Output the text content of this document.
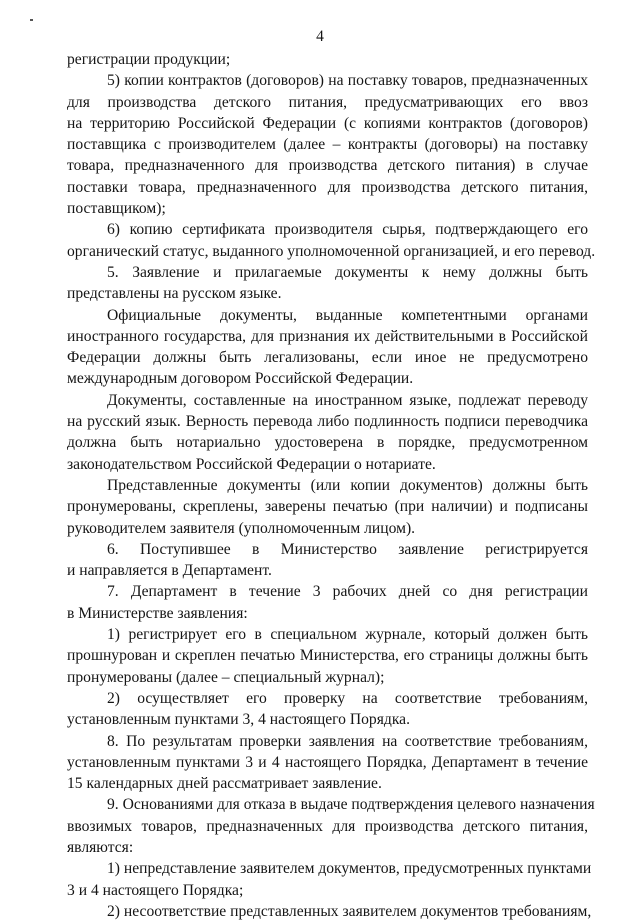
4
регистрации продукции;
5) копии контрактов (договоров) на поставку товаров, предназначенных
для производства детского питания, предусматривающих его ввоз
на территорию Российской Федерации (с копиями контрактов (договоров)
поставщика с производителем (далее – контракты (договоры) на поставку
товара, предназначенного для производства детского питания) в случае
поставки товара, предназначенного для производства детского питания,
поставщиком);
6) копию сертификата производителя сырья, подтверждающего его
органический статус, выданного уполномоченной организацией, и его перевод.
5. Заявление и прилагаемые документы к нему должны быть
представлены на русском языке.
Официальные документы, выданные компетентными органами
иностранного государства, для признания их действительными в Российской
Федерации должны быть легализованы, если иное не предусмотрено
международным договором Российской Федерации.
Документы, составленные на иностранном языке, подлежат переводу
на русский язык. Верность перевода либо подлинность подписи переводчика
должна быть нотариально удостоверена в порядке, предусмотренном
законодательством Российской Федерации о нотариате.
Представленные документы (или копии документов) должны быть
пронумерованы, скреплены, заверены печатью (при наличии) и подписаны
руководителем заявителя (уполномоченным лицом).
6. Поступившее в Министерство заявление регистрируется
и направляется в Департамент.
7. Департамент в течение 3 рабочих дней со дня регистрации
в Министерстве заявления:
1) регистрирует его в специальном журнале, который должен быть
прошнурован и скреплен печатью Министерства, его страницы должны быть
пронумерованы (далее – специальный журнал);
2) осуществляет его проверку на соответствие требованиям,
установленным пунктами 3, 4 настоящего Порядка.
8. По результатам проверки заявления на соответствие требованиям,
установленным пунктами 3 и 4 настоящего Порядка, Департамент в течение
15 календарных дней рассматривает заявление.
9. Основаниями для отказа в выдаче подтверждения целевого назначения
ввозимых товаров, предназначенных для производства детского питания,
являются:
1) непредставление заявителем документов, предусмотренных пунктами
3 и 4 настоящего Порядка;
2) несоответствие представленных заявителем документов требованиям,
